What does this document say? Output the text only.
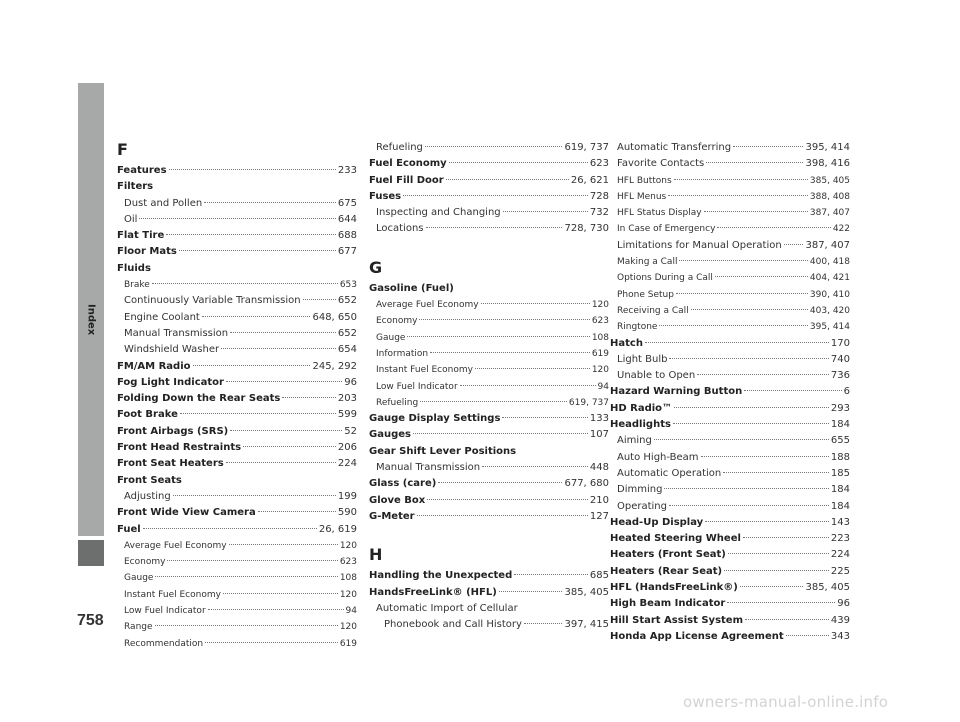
Index
758
F
Features	233
Filters
Dust and Pollen	675
Oil	644
Flat Tire	688
Floor Mats	677
Fluids
Brake	653
Continuously Variable Transmission	652
Engine Coolant	648, 650
Manual Transmission	652
Windshield Washer	654
FM/AM Radio	245, 292
Fog Light Indicator	96
Folding Down the Rear Seats	203
Foot Brake	599
Front Airbags (SRS)	52
Front Head Restraints	206
Front Seat Heaters	224
Front Seats
Adjusting	199
Front Wide View Camera	590
Fuel	26, 619
Average Fuel Economy	120
Economy	623
Gauge	108
Instant Fuel Economy	120
Low Fuel Indicator	94
Range	120
Recommendation	619
Refueling	619, 737
Fuel Economy	623
Fuel Fill Door	26, 621
Fuses	728
Inspecting and Changing	732
Locations	728, 730
G
Gasoline (Fuel)
Average Fuel Economy	120
Economy	623
Gauge	108
Information	619
Instant Fuel Economy	120
Low Fuel Indicator	94
Refueling	619, 737
Gauge Display Settings	133
Gauges	107
Gear Shift Lever Positions
Manual Transmission	448
Glass (care)	677, 680
Glove Box	210
G-Meter	127
H
Handling the Unexpected	685
HandsFreeLink® (HFL)	385, 405
Automatic Import of Cellular
Phonebook and Call History	397, 415
Automatic Transferring	395, 414
Favorite Contacts	398, 416
HFL Buttons	385, 405
HFL Menus	388, 408
HFL Status Display	387, 407
In Case of Emergency	422
Limitations for Manual Operation 387, 407
Making a Call	400, 418
Options During a Call	404, 421
Phone Setup	390, 410
Receiving a Call	403, 420
Ringtone	395, 414
Hatch	170
Light Bulb	740
Unable to Open	736
Hazard Warning Button	6
HD Radio™	293
Headlights	184
Aiming	655
Auto High-Beam	188
Automatic Operation	185
Dimming	184
Operating	184
Head-Up Display	143
Heated Steering Wheel	223
Heaters (Front Seat)	224
Heaters (Rear Seat)	225
HFL (HandsFreeLink®)	385, 405
High Beam Indicator	96
Hill Start Assist System	439
Honda App License Agreement	343
owners-manual-online.info
